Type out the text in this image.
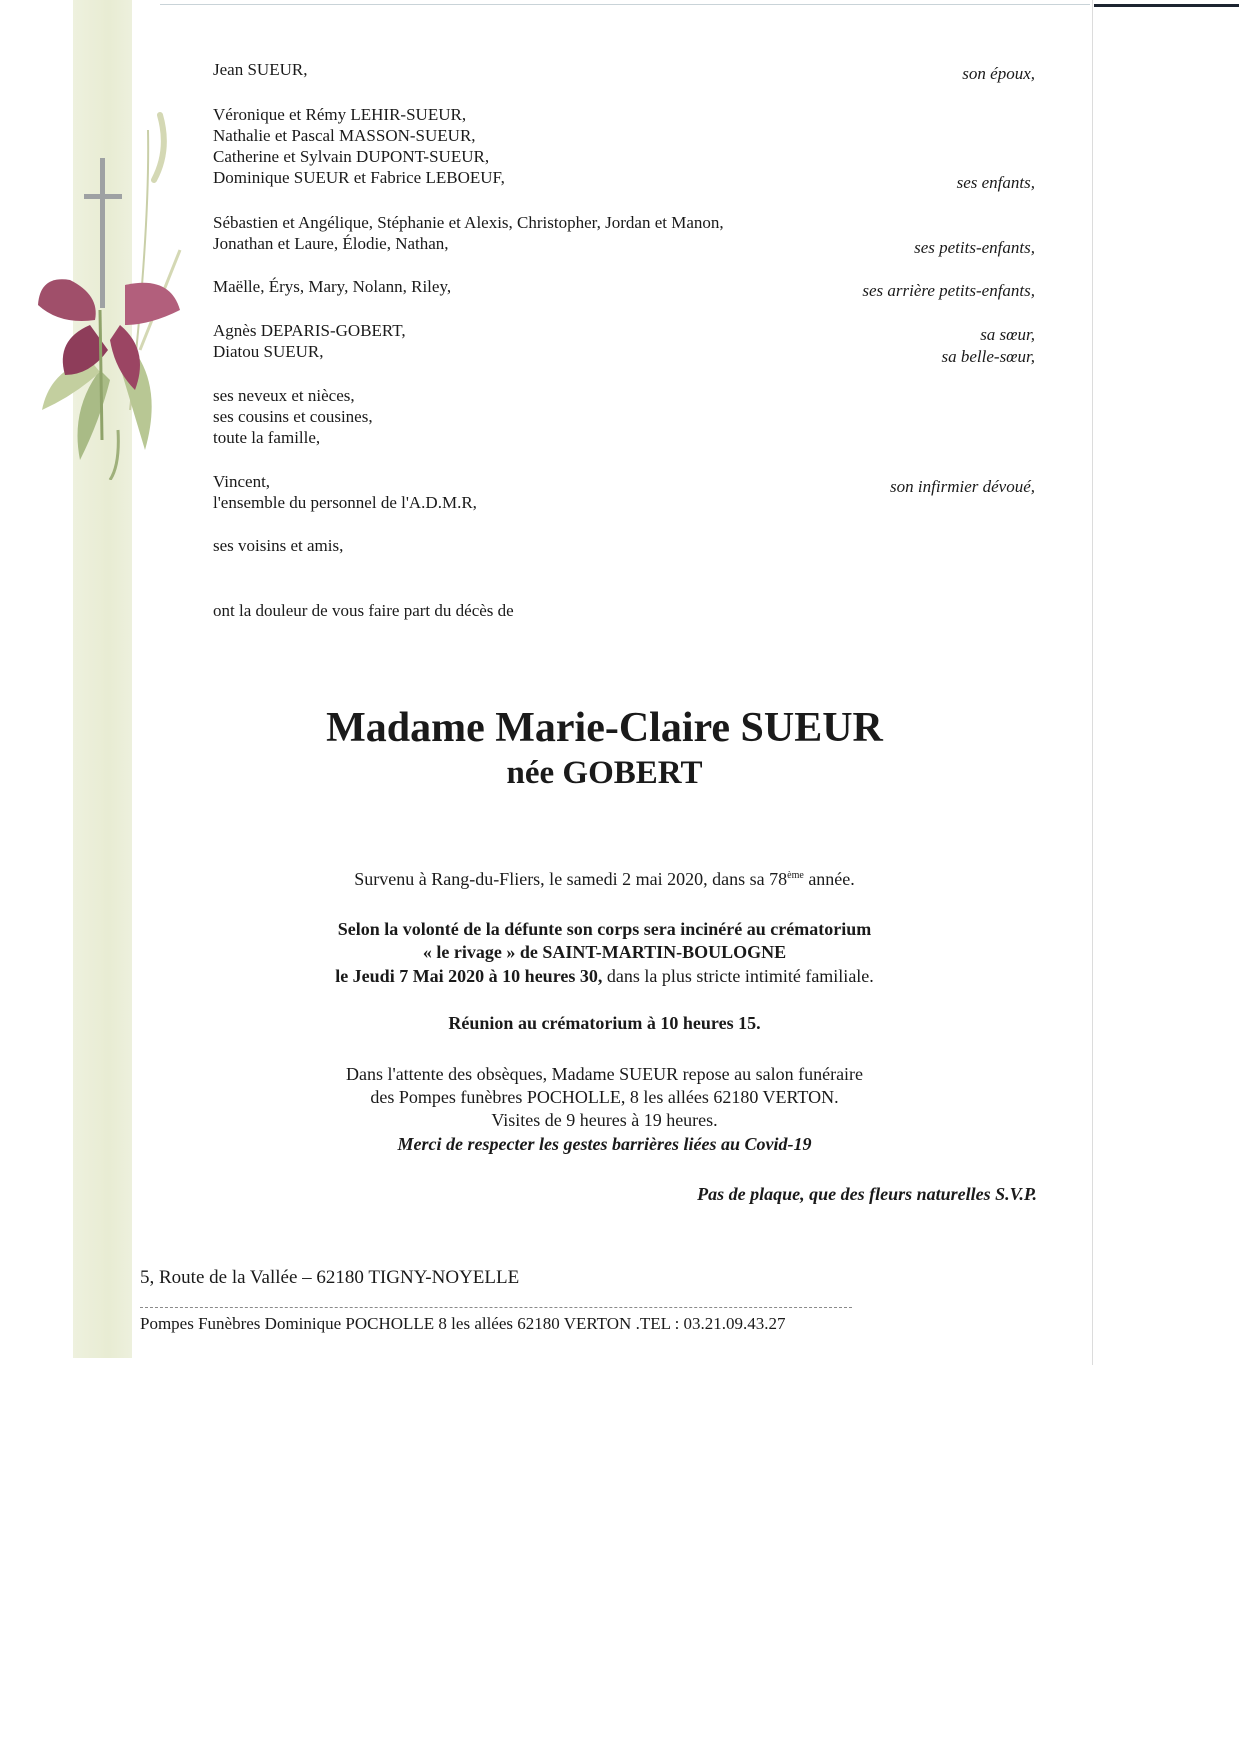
Jean SUEUR,
Véronique et Rémy LEHIR-SUEUR,
Nathalie et Pascal MASSON-SUEUR,
Catherine et Sylvain DUPONT-SUEUR,
Dominique SUEUR et Fabrice LEBOEUF,
Sébastien et Angélique, Stéphanie et Alexis, Christopher, Jordan et Manon,
Jonathan et Laure, Élodie, Nathan,
Maëlle, Érys, Mary, Nolann, Riley,
Agnès DEPARIS-GOBERT,
Diatou SUEUR,
ses neveux et nièces,
ses cousins et cousines,
toute la famille,
Vincent,
l'ensemble du personnel de l'A.D.M.R,
ses voisins et amis,
son époux,
ses enfants,
ses petits-enfants,
ses arrière petits-enfants,
sa sœur,
sa belle-sœur,
son infirmier dévoué,
ont la douleur de vous faire part du décès de
Madame Marie-Claire SUEUR
née GOBERT
Survenu à Rang-du-Fliers, le samedi 2 mai 2020, dans sa 78ème année.
Selon la volonté de la défunte son corps sera incinéré au crématorium
« le rivage » de SAINT-MARTIN-BOULOGNE
le Jeudi 7 Mai 2020 à 10 heures 30, dans la plus stricte intimité familiale.
Réunion au crématorium à 10 heures 15.
Dans l'attente des obsèques, Madame SUEUR repose au salon funéraire
des Pompes funèbres POCHOLLE, 8 les allées 62180 VERTON.
Visites de 9 heures à 19 heures.
Merci de respecter les gestes barrières liées au Covid-19
Pas de plaque, que des fleurs naturelles S.V.P.
5, Route de la Vallée – 62180 TIGNY-NOYELLE
Pompes Funèbres Dominique POCHOLLE 8 les allées 62180 VERTON .TEL : 03.21.09.43.27
